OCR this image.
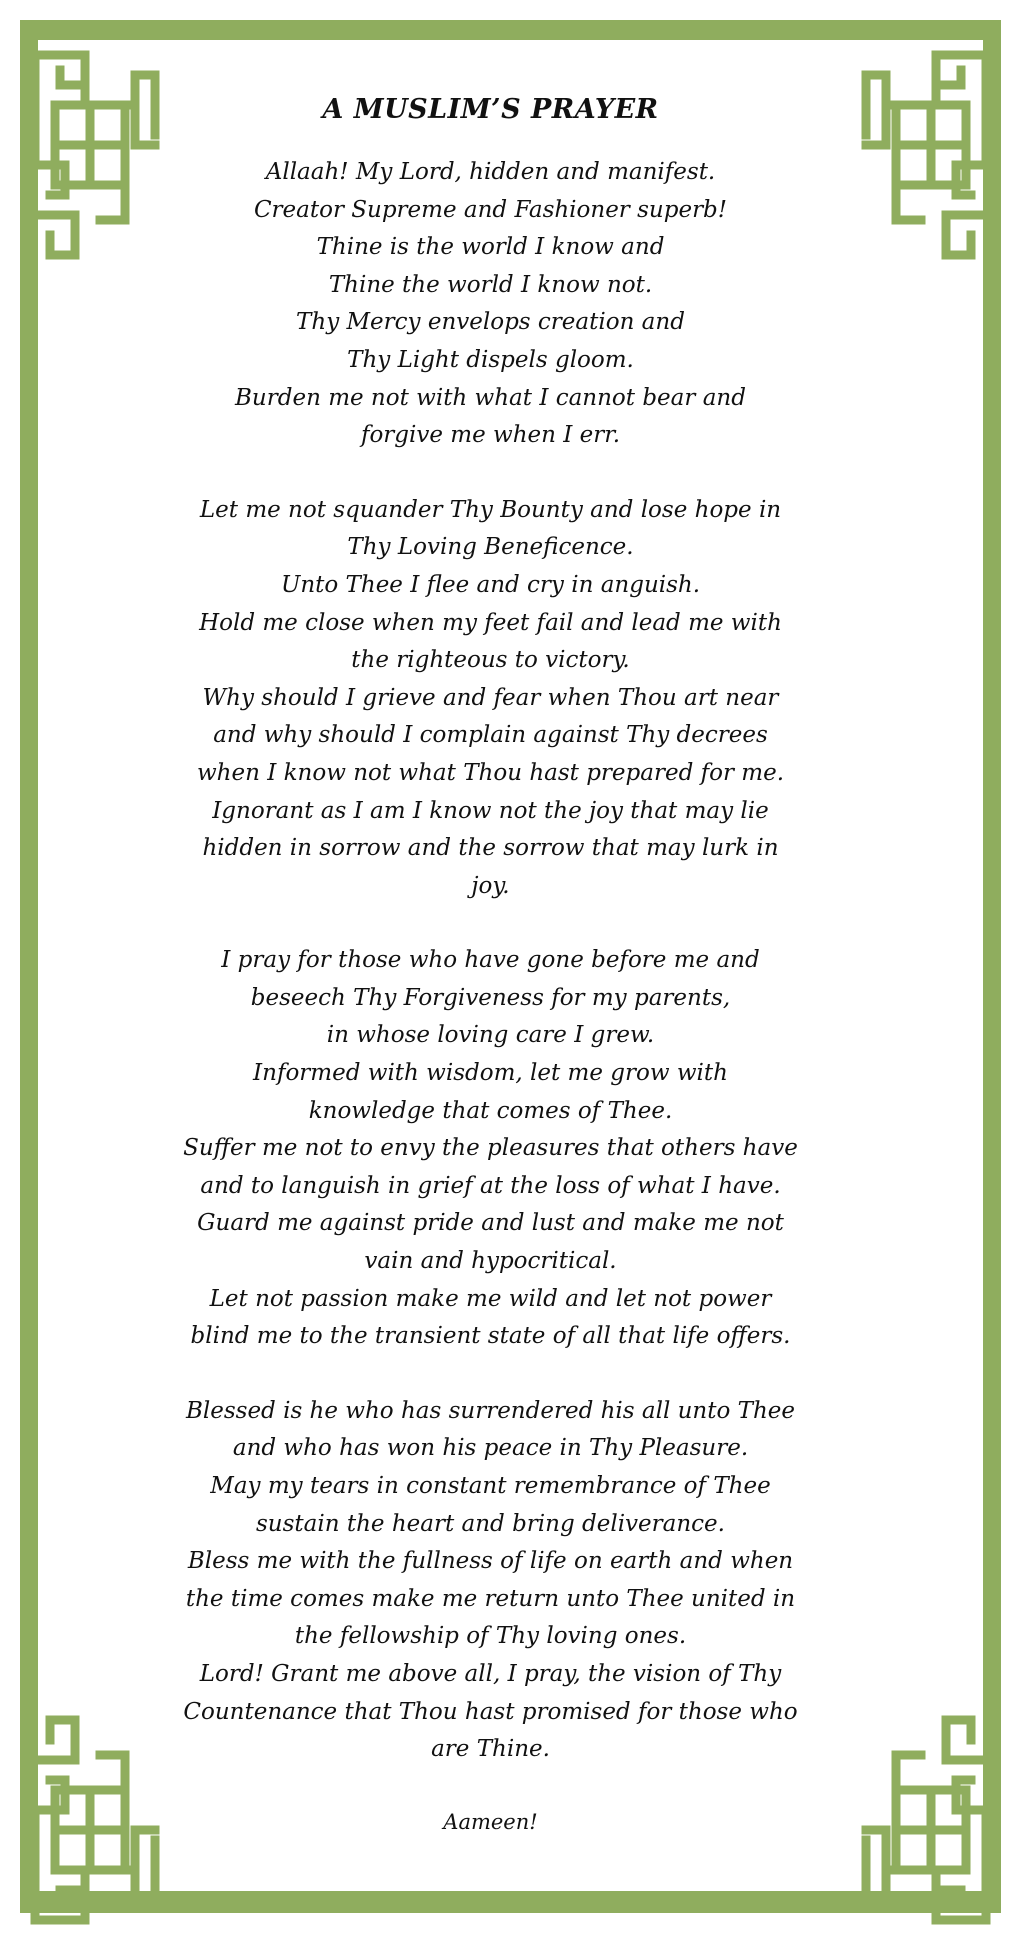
A MUSLIM’S PRAYER
Allaah! My Lord, hidden and manifest.
Creator Supreme and Fashioner superb!
Thine is the world I know and
Thine the world I know not.
Thy Mercy envelops creation and
Thy Light dispels gloom.
Burden me not with what I cannot bear and
forgive me when I err.
Let me not squander Thy Bounty and lose hope in
Thy Loving Beneficence.
Unto Thee I flee and cry in anguish.
Hold me close when my feet fail and lead me with
the righteous to victory.
Why should I grieve and fear when Thou art near
and why should I complain against Thy decrees
when I know not what Thou hast prepared for me.
Ignorant as I am I know not the joy that may lie
hidden in sorrow and the sorrow that may lurk in
joy.
I pray for those who have gone before me and
beseech Thy Forgiveness for my parents,
in whose loving care I grew.
Informed with wisdom, let me grow with
knowledge that comes of Thee.
Suffer me not to envy the pleasures that others have
and to languish in grief at the loss of what I have.
Guard me against pride and lust and make me not
vain and hypocritical.
Let not passion make me wild and let not power
blind me to the transient state of all that life offers.
Blessed is he who has surrendered his all unto Thee
and who has won his peace in Thy Pleasure.
May my tears in constant remembrance of Thee
sustain the heart and bring deliverance.
Bless me with the fullness of life on earth and when
the time comes make me return unto Thee united in
the fellowship of Thy loving ones.
Lord! Grant me above all, I pray, the vision of Thy
Countenance that Thou hast promised for those who
are Thine.
Aameen!
